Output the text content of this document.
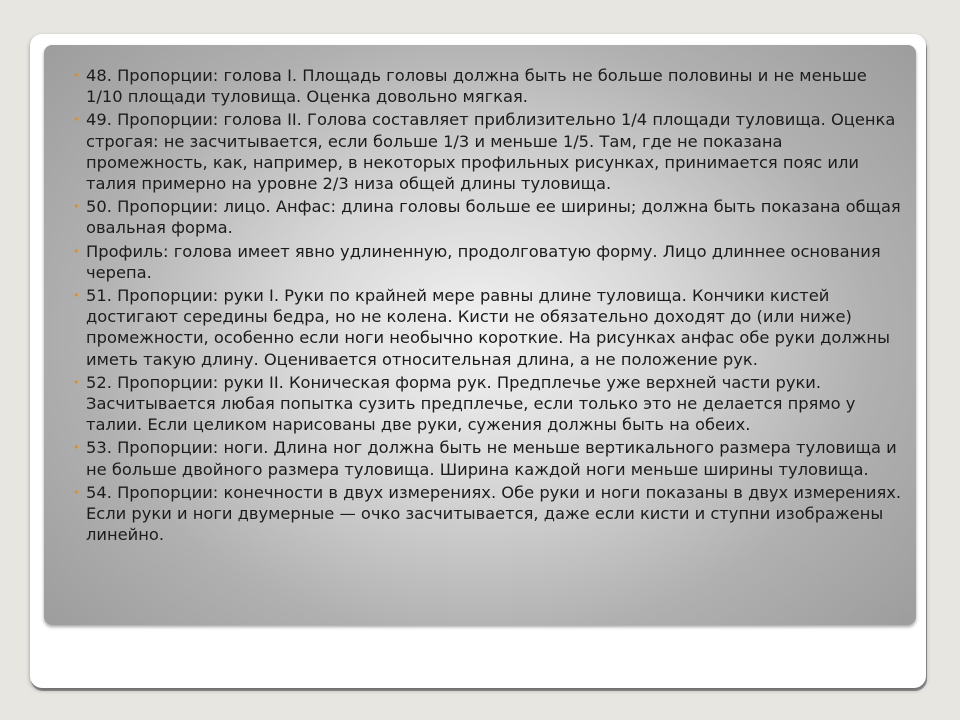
• 48. Пропорции: голова I. Площадь головы должна быть не больше половины и не меньше 1/10 площади туловища. Оценка довольно мягкая.
• 49. Пропорции: голова II. Голова составляет приблизительно 1/4 площади туловища. Оценка строгая: не засчитывается, если больше 1/3 и меньше 1/5. Там, где не показана промежность, как, например, в некоторых профильных рисунках, принимается пояс или талия примерно на уровне 2/3 низа общей длины туловища.
• 50. Пропорции: лицо. Анфас: длина головы больше ее ширины; должна быть показана общая овальная форма.
• Профиль: голова имеет явно удлиненную, продолговатую форму. Лицо длиннее основания черепа.
• 51. Пропорции: руки I. Руки по крайней мере равны длине туловища. Кончики кистей достигают середины бедра, но не колена. Кисти не обязательно доходят до (или ниже) промежности, особенно если ноги необычно короткие. На рисунках анфас обе руки должны иметь такую длину. Оценивается относительная длина, а не положение рук.
• 52. Пропорции: руки II. Коническая форма рук. Предплечье уже верхней части руки. Засчитывается любая попытка сузить предплечье, если только это не делается прямо у талии. Если целиком нарисованы две руки, сужения должны быть на обеих.
• 53. Пропорции: ноги. Длина ног должна быть не меньше вертикального размера туловища и не больше двойного размера туловища. Ширина каждой ноги меньше ширины туловища.
• 54. Пропорции: конечности в двух измерениях. Обе руки и ноги показаны в двух измерениях. Если руки и ноги двумерные — очко засчитывается, даже если кисти и ступни изображены линейно.
